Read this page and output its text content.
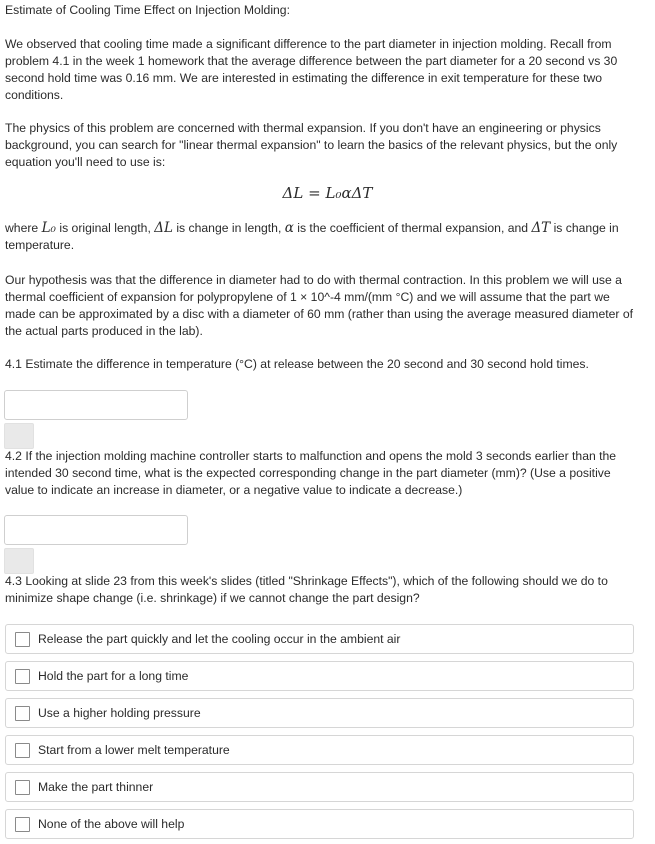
Estimate of Cooling Time Effect on Injection Molding:

We observed that cooling time made a significant difference to the part diameter in injection molding. Recall from problem 4.1 in the week 1 homework that the average difference between the part diameter for a 20 second vs 30 second hold time was 0.16 mm. We are interested in estimating the difference in exit temperature for these two conditions.

The physics of this problem are concerned with thermal expansion. If you don't have an engineering or physics background, you can search for "linear thermal expansion" to learn the basics of the relevant physics, but the only equation you'll need to use is:

ΔL = L₀αΔT

where L₀ is original length, ΔL is change in length, α is the coefficient of thermal expansion, and ΔT is change in temperature.

Our hypothesis was that the difference in diameter had to do with thermal contraction. In this problem we will use a thermal coefficient of expansion for polypropylene of 1 × 10^-4 mm/(mm °C) and we will assume that the part we made can be approximated by a disc with a diameter of 60 mm (rather than using the average measured diameter of the actual parts produced in the lab).

4.1 Estimate the difference in temperature (°C) at release between the 20 second and 30 second hold times.

4.2 If the injection molding machine controller starts to malfunction and opens the mold 3 seconds earlier than the intended 30 second time, what is the expected corresponding change in the part diameter (mm)? (Use a positive value to indicate an increase in diameter, or a negative value to indicate a decrease.)

4.3 Looking at slide 23 from this week's slides (titled "Shrinkage Effects"), which of the following should we do to minimize shape change (i.e. shrinkage) if we cannot change the part design?

Release the part quickly and let the cooling occur in the ambient air
Hold the part for a long time
Use a higher holding pressure
Start from a lower melt temperature
Make the part thinner
None of the above will help
